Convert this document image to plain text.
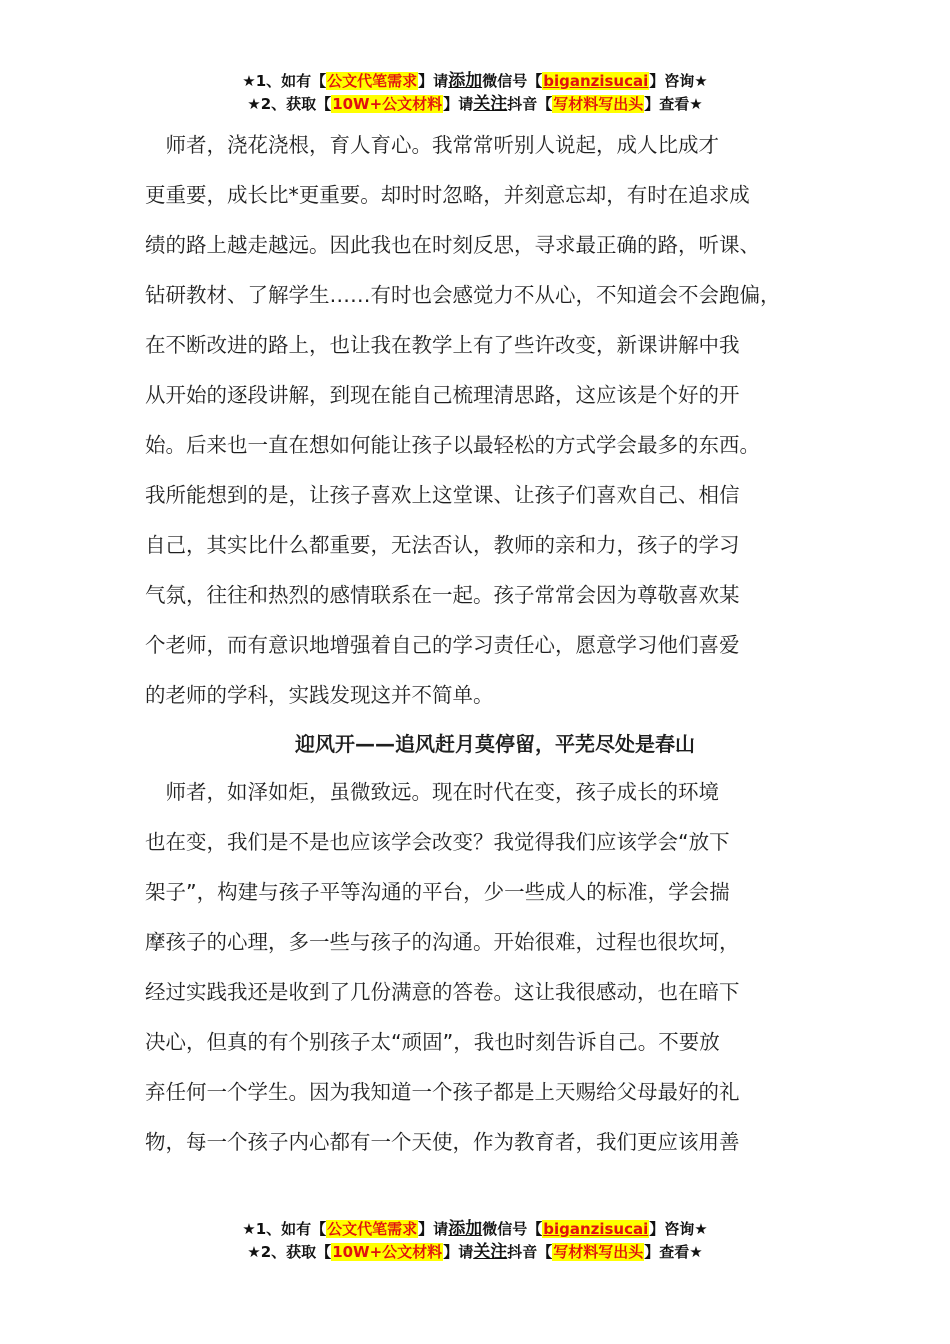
★1、如有【公文代笔需求】请添加微信号【biganzisucai】咨询★
★2、获取【10W+公文材料】请关注抖音【写材料写出头】查看★
　师者，浇花浇根，育人育心。我常常听别人说起，成人比成才
更重要，成长比*更重要。却时时忽略，并刻意忘却，有时在追求成
绩的路上越走越远。因此我也在时刻反思，寻求最正确的路，听课、
钻研教材、了解学生……有时也会感觉力不从心，不知道会不会跑偏，
在不断改进的路上，也让我在教学上有了些许改变，新课讲解中我
从开始的逐段讲解，到现在能自己梳理清思路，这应该是个好的开
始。后来也一直在想如何能让孩子以最轻松的方式学会最多的东西。
我所能想到的是，让孩子喜欢上这堂课、让孩子们喜欢自己、相信
自己，其实比什么都重要，无法否认，教师的亲和力，孩子的学习
气氛，往往和热烈的感情联系在一起。孩子常常会因为尊敬喜欢某
个老师，而有意识地增强着自己的学习责任心，愿意学习他们喜爱
的老师的学科，实践发现这并不简单。
迎风开——追风赶月莫停留，平芜尽处是春山
　师者，如泽如炬，虽微致远。现在时代在变，孩子成长的环境
也在变，我们是不是也应该学会改变？我觉得我们应该学会“放下
架子”，构建与孩子平等沟通的平台，少一些成人的标准，学会揣
摩孩子的心理，多一些与孩子的沟通。开始很难，过程也很坎坷，
经过实践我还是收到了几份满意的答卷。这让我很感动，也在暗下
决心，但真的有个别孩子太“顽固”，我也时刻告诉自己。不要放
弃任何一个学生。因为我知道一个孩子都是上天赐给父母最好的礼
物，每一个孩子内心都有一个天使，作为教育者，我们更应该用善
★1、如有【公文代笔需求】请添加微信号【biganzisucai】咨询★
★2、获取【10W+公文材料】请关注抖音【写材料写出头】查看★
